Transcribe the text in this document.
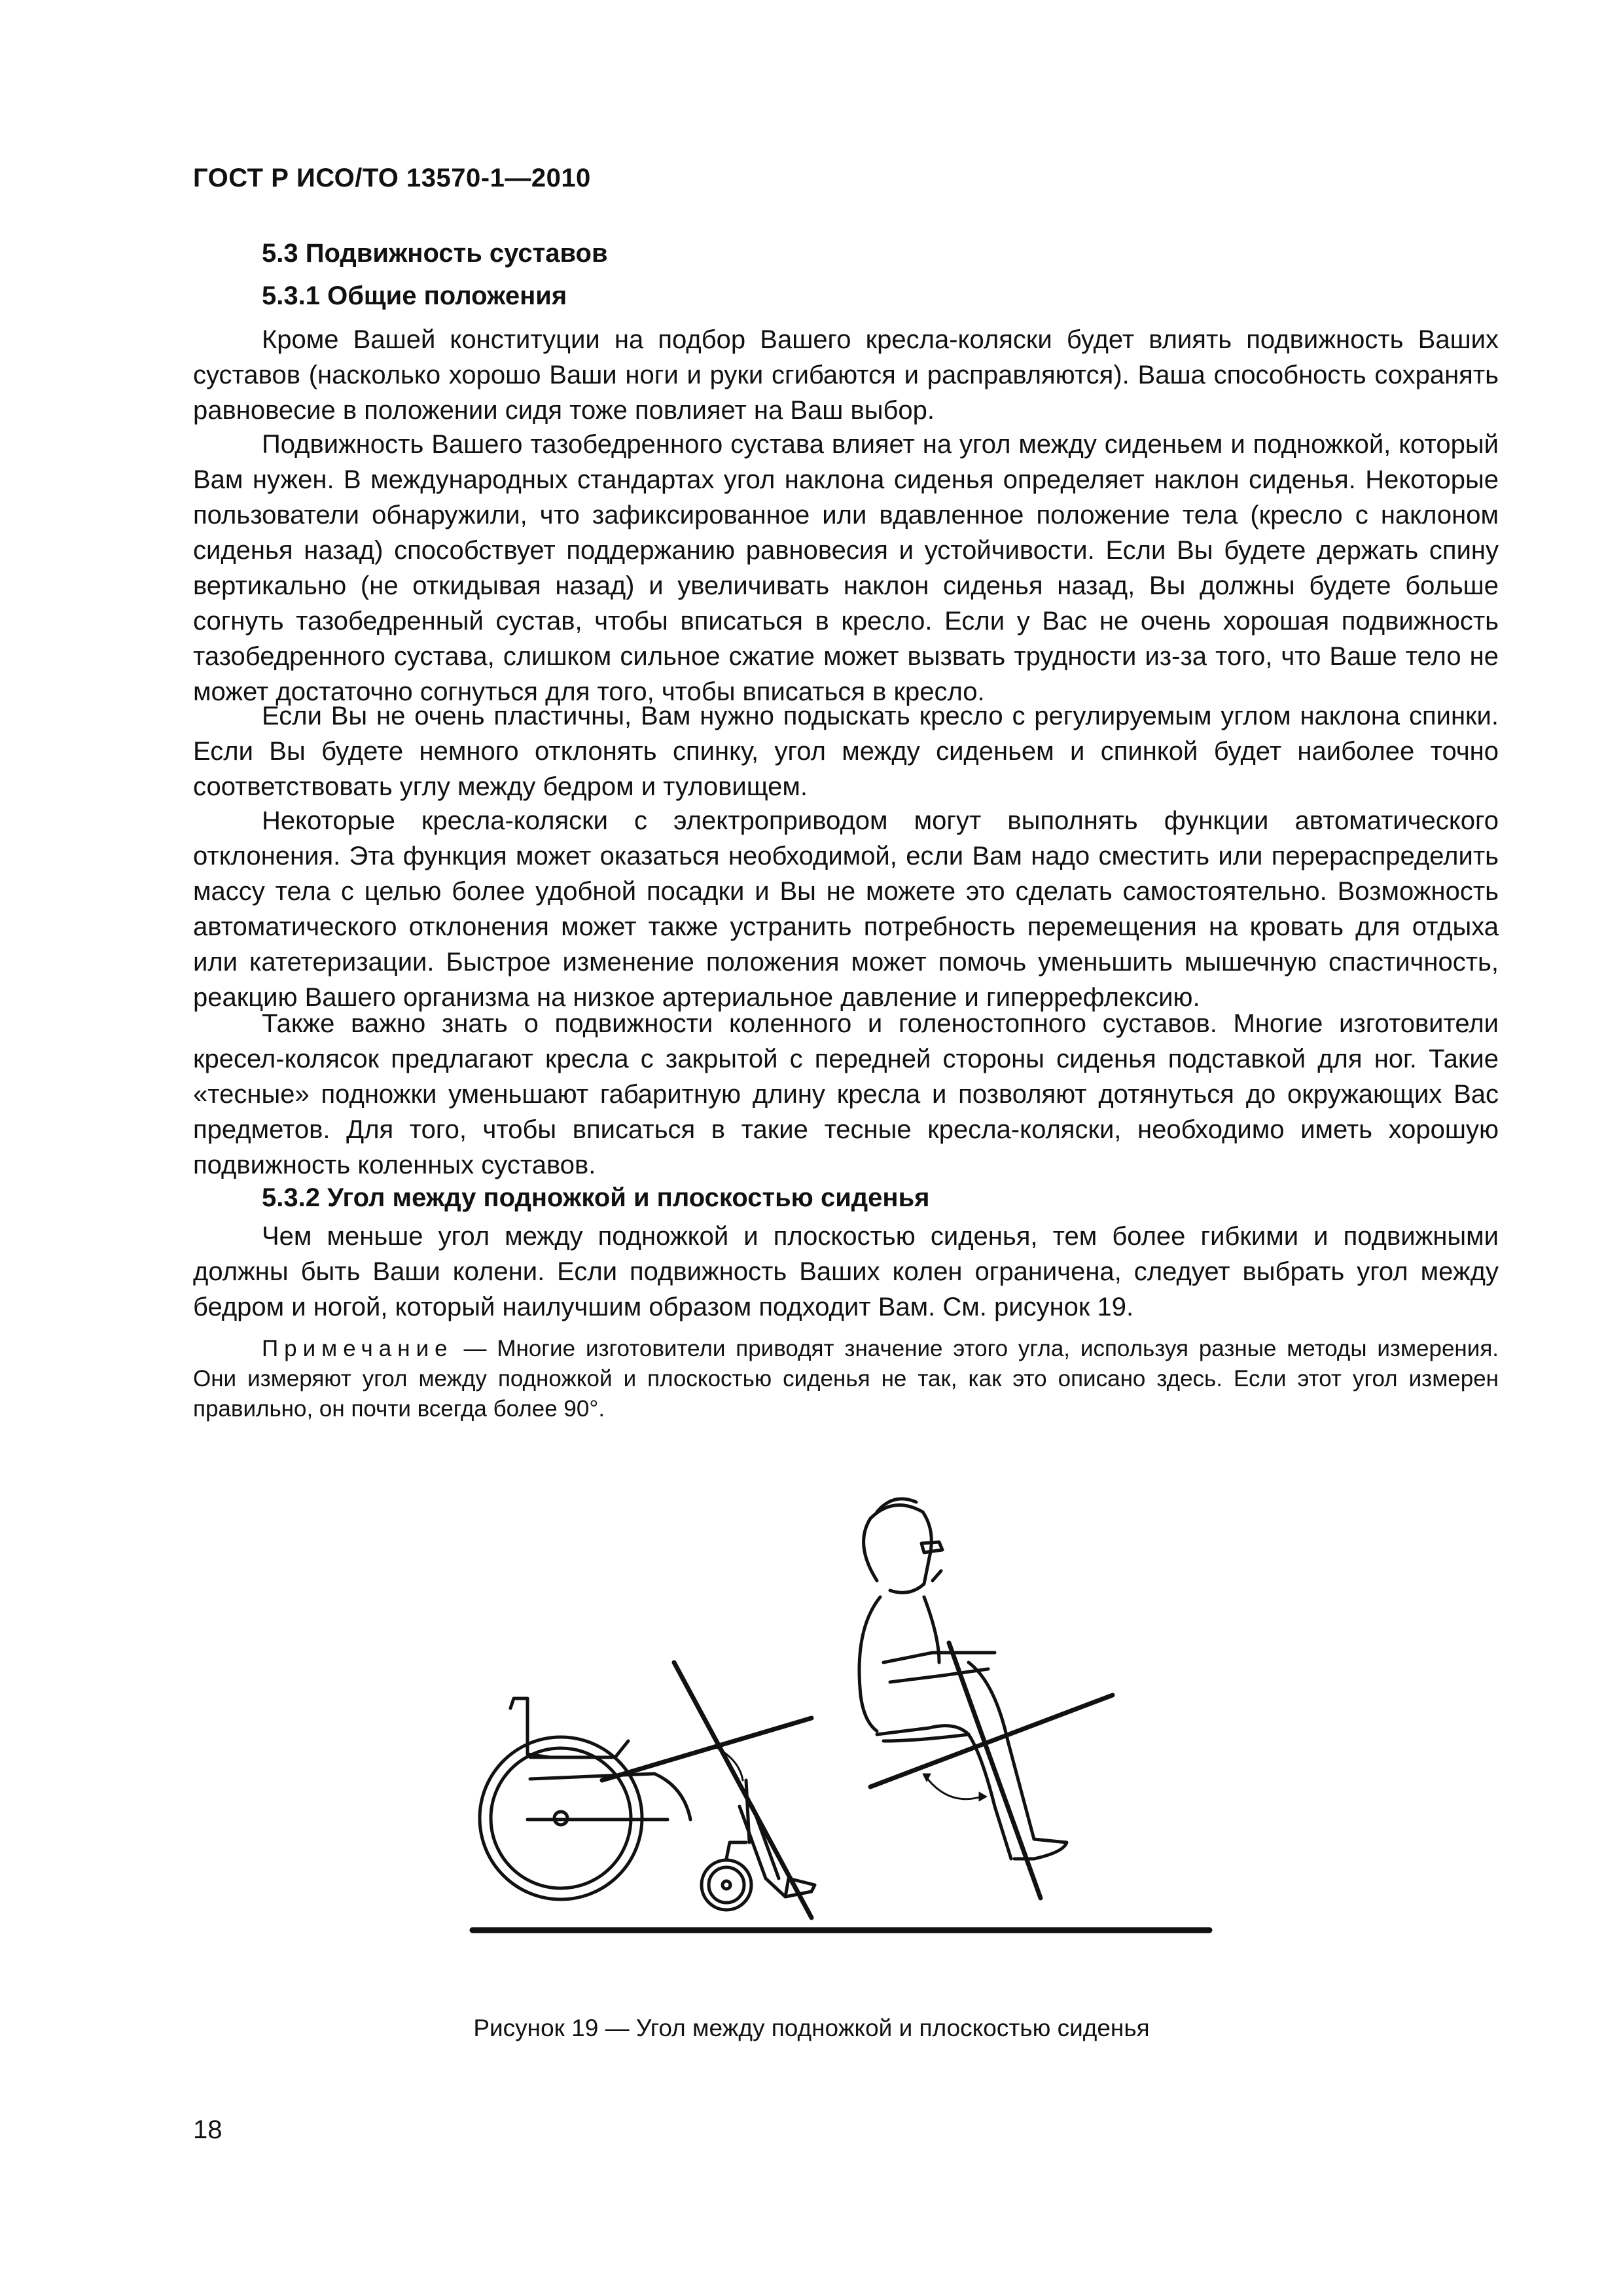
ГОСТ Р ИСО/ТО 13570-1—2010
5.3 Подвижность суставов
5.3.1 Общие положения

Кроме Вашей конституции на подбор Вашего кресла-коляски будет влиять подвижность Ваших суставов (насколько хорошо Ваши ноги и руки сгибаются и расправляются). Ваша способность сохранять равновесие в положении сидя тоже повлияет на Ваш выбор.

Подвижность Вашего тазобедренного сустава влияет на угол между сиденьем и подножкой, который Вам нужен. В международных стандартах угол наклона сиденья определяет наклон сиденья. Некоторые пользователи обнаружили, что зафиксированное или вдавленное положение тела (кресло с наклоном сиденья назад) способствует поддержанию равновесия и устойчивости. Если Вы будете держать спину вертикально (не откидывая назад) и увеличивать наклон сиденья назад, Вы должны будете больше согнуть тазобедренный сустав, чтобы вписаться в кресло. Если у Вас не очень хорошая подвижность тазобедренного сустава, слишком сильное сжатие может вызвать трудности из-за того, что Ваше тело не может достаточно согнуться для того, чтобы вписаться в кресло.

Если Вы не очень пластичны, Вам нужно подыскать кресло с регулируемым углом наклона спинки. Если Вы будете немного отклонять спинку, угол между сиденьем и спинкой будет наиболее точно соответствовать углу между бедром и туловищем.

Некоторые кресла-коляски с электроприводом могут выполнять функции автоматического отклонения. Эта функция может оказаться необходимой, если Вам надо сместить или перераспределить массу тела с целью более удобной посадки и Вы не можете это сделать самостоятельно. Возможность автоматического отклонения может также устранить потребность перемещения на кровать для отдыха или катетеризации. Быстрое изменение положения может помочь уменьшить мышечную спастичность, реакцию Вашего организма на низкое артериальное давление и гиперрефлексию.

Также важно знать о подвижности коленного и голеностопного суставов. Многие изготовители кресел-колясок предлагают кресла с закрытой с передней стороны сиденья подставкой для ног. Такие «тесные» подножки уменьшают габаритную длину кресла и позволяют дотянуться до окружающих Вас предметов. Для того, чтобы вписаться в такие тесные кресла-коляски, необходимо иметь хорошую подвижность коленных суставов.

5.3.2 Угол между подножкой и плоскостью сиденья

Чем меньше угол между подножкой и плоскостью сиденья, тем более гибкими и подвижными должны быть Ваши колени. Если подвижность Ваших колен ограничена, следует выбрать угол между бедром и ногой, который наилучшим образом подходит Вам. См. рисунок 19.

Примечание — Многие изготовители приводят значение этого угла, используя разные методы измерения. Они измеряют угол между подножкой и плоскостью сиденья не так, как это описано здесь. Если этот угол измерен правильно, он почти всегда более 90°.

Рисунок 19 — Угол между подножкой и плоскостью сиденья
18
